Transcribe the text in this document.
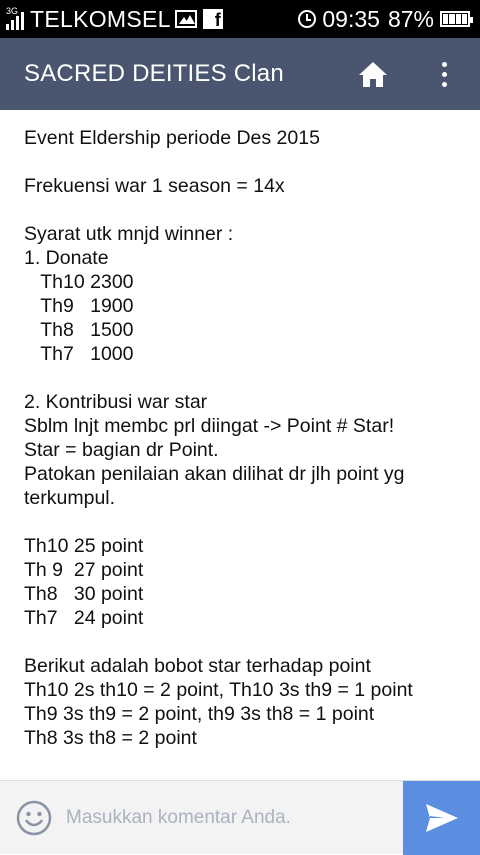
3G TELKOMSEL	f	09:35 87%
SACRED DEITIES Clan

Event Eldership periode Des 2015

Frekuensi war 1 season = 14x

Syarat utk mnjd winner :
1. Donate
Th10 2300
Th9   1900
Th8   1500
Th7   1000

2. Kontribusi war star
Sblm lnjt membc prl diingat -> Point # Star!
Star = bagian dr Point.
Patokan penilaian akan dilihat dr jlh point yg terkumpul.

Th10 25 point
Th 9  27 point
Th8   30 point
Th7   24 point

Berikut adalah bobot star terhadap point
Th10 2s th10 = 2 point, Th10 3s th9 = 1 point
Th9 3s th9 = 2 point, th9 3s th8 = 1 point
Th8 3s th8 = 2 point

Masukkan komentar Anda.
